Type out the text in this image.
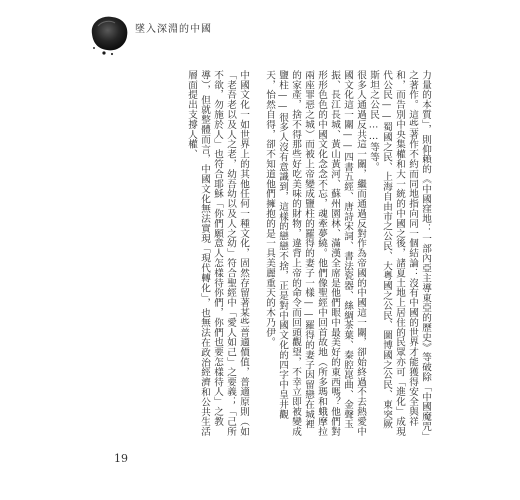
墜入深淵的中國

力量的本質」，則仰賴的《中國窪地：一部內亞主導東亞的歷史》等破除「中國魔咒」之著作。這些著作不約而同地指向同一個結論：沒有中國的世界才能獲得安全與祥和，而告別中央集權和大一統的中國之後，諸夏土地上居住的民眾亦可「進化」成現代公民——蜀國之民、上海自由市之公民、大粵國之公民、圖博國之公民、東突厥斯坦之公民……等等。

很多人通過反共這一關，繼而通過反對作為帝國的中國這一關，卻始終過不去熱愛中國文化這一關——四書五經、唐詩宋詞、書法瓷器、絲綢茶葉、秦腔崑曲、金聲玉振、長江長城、黃山黃河、蘇州園林、滿漢全席是他們眼中最美好的東西嗎？他們對形形色色的中國文化念念不忘，魂牽夢繞。他們像聖經中回首故地（所多瑪和蛾摩拉兩座罪惡之城）而被上帝變成鹽柱的羅得的妻子一樣——羅得的妻子因留戀在城裡的家產，捨不得那些好吃美味的財物，違背上帝的命令而回頭觀望，不幸立即被變成鹽柱——很多人沒有意識到，這樣的戀戀不捨，正是對中國文化的四字中皇井觀天，怡然自得，卻不知道他們擁抱的是一具美麗重天的木乃伊。

中國文化一如世界上的其他任何一種文化，固然存留著某些普適價值，普適原則（如「老吾老以及人之老，幼吾幼以及人之幼」符合聖經中「愛人如己」之要義；「己所不欲，勿施於人」也符合耶穌「你們願意人怎樣待你們，你們也要怎樣待人」之教導），但就整體而言，中國文化無法實現「現代轉化」，也無法在政治經濟和公共生活層面提出支撐人權、

19
